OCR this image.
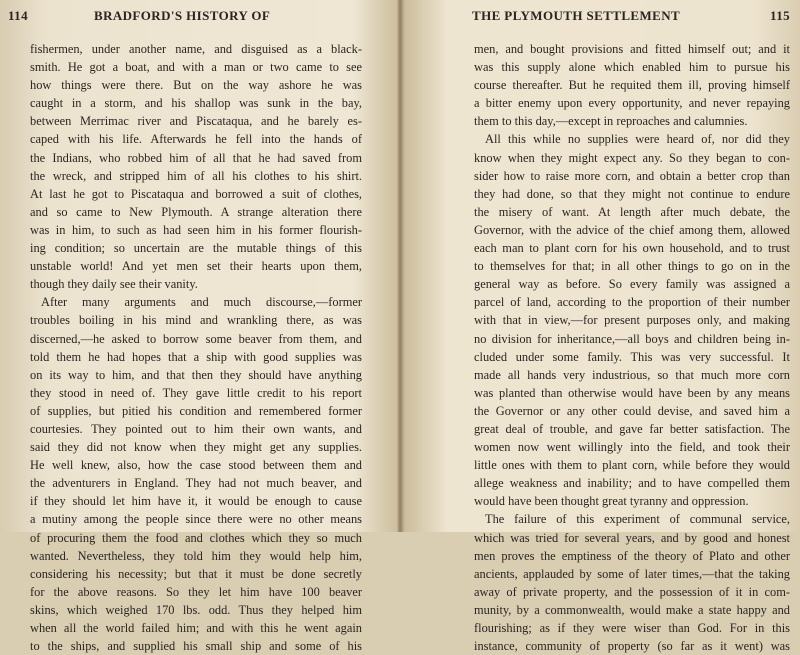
114	BRADFORD'S HISTORY OF
fishermen, under another name, and disguised as a black-
smith. He got a boat, and with a man or two came to see
how things were there. But on the way ashore he was
caught in a storm, and his shallop was sunk in the bay,
between Merrimac river and Piscataqua, and he barely es-
caped with his life. Afterwards he fell into the hands of
the Indians, who robbed him of all that he had saved from
the wreck, and stripped him of all his clothes to his shirt.
At last he got to Piscataqua and borrowed a suit of clothes,
and so came to New Plymouth. A strange alteration there
was in him, to such as had seen him in his former flourish-
ing condition; so uncertain are the mutable things of this
unstable world! And yet men set their hearts upon them,
though they daily see their vanity.
After many arguments and much discourse,—former
troubles boiling in his mind and wrankling there, as was
discerned,—he asked to borrow some beaver from them, and
told them he had hopes that a ship with good supplies was
on its way to him, and that then they should have anything
they stood in need of. They gave little credit to his report
of supplies, but pitied his condition and remembered former
courtesies. They pointed out to him their own wants, and
said they did not know when they might get any supplies.
He well knew, also, how the case stood between them and
the adventurers in England. They had not much beaver, and
if they should let him have it, it would be enough to cause
a mutiny among the people since there were no other means
of procuring them the food and clothes which they so much
wanted. Nevertheless, they told him they would help him,
considering his necessity; but that it must be done secretly
for the above reasons. So they let him have 100 beaver
skins, which weighed 170 lbs. odd. Thus they helped him
when all the world failed him; and with this he went again
to the ships, and supplied his small ship and some of his
THE PLYMOUTH SETTLEMENT	115
men, and bought provisions and fitted himself out; and it
was this supply alone which enabled him to pursue his
course thereafter. But he requited them ill, proving himself
a bitter enemy upon every opportunity, and never repaying
them to this day,—except in reproaches and calumnies.
All this while no supplies were heard of, nor did they
know when they might expect any. So they began to con-
sider how to raise more corn, and obtain a better crop than
they had done, so that they might not continue to endure
the misery of want. At length after much debate, the
Governor, with the advice of the chief among them, allowed
each man to plant corn for his own household, and to trust
to themselves for that; in all other things to go on in the
general way as before. So every family was assigned a
parcel of land, according to the proportion of their number
with that in view,—for present purposes only, and making
no division for inheritance,—all boys and children being in-
cluded under some family. This was very successful. It
made all hands very industrious, so that much more corn
was planted than otherwise would have been by any means
the Governor or any other could devise, and saved him a
great deal of trouble, and gave far better satisfaction. The
women now went willingly into the field, and took their
little ones with them to plant corn, while before they would
allege weakness and inability; and to have compelled them
would have been thought great tyranny and oppression.
The failure of this experiment of communal service,
which was tried for several years, and by good and honest
men proves the emptiness of the theory of Plato and other
ancients, applauded by some of later times,—that the taking
away of private property, and the possession of it in com-
munity, by a commonwealth, would make a state happy and
flourishing; as if they were wiser than God. For in this
instance, community of property (so far as it went) was
